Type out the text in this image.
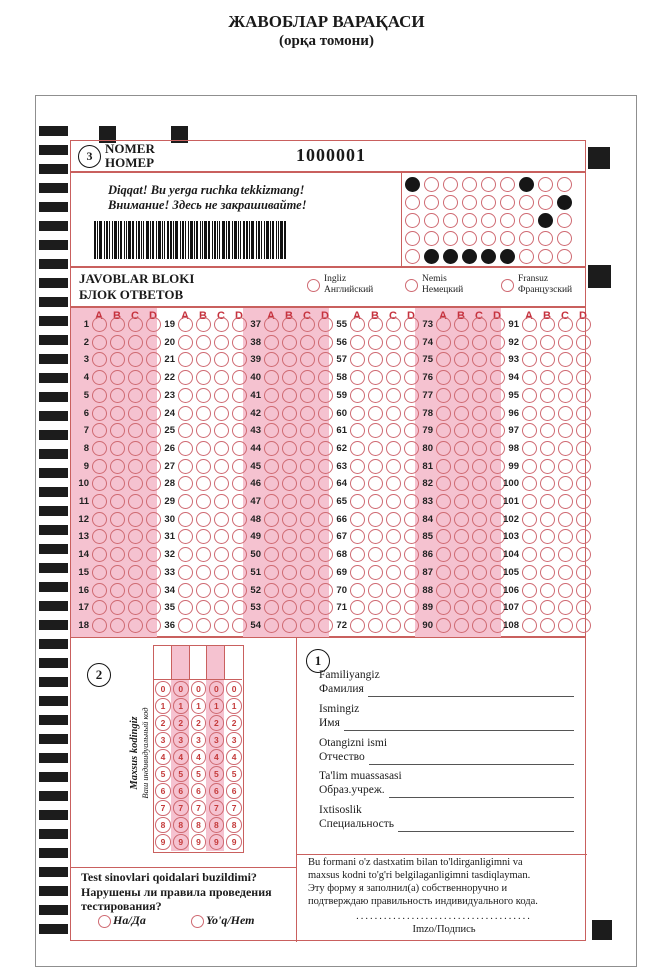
ЖАВОБЛАР ВАРАҚАСИ
(орқа томони)
3 NOMER
НОМЕР	1000001
Diqqat! Bu yerga ruchka tekkizmang!
Внимание! Здесь не закрашивайте!
JAVOBLAR BLOKI
БЛОК ОТВЕТОВ
Ingliz
Английский
Nemis
Немецкий
Fransuz
Французский
A B C D
1
2
3
4
5
6
7
8
9
10
11
12
13
14
15
16
17
18
A B C D
19
20
21
22
23
24
25
26
27
28
29
30
31
32
33
34
35
36
A B C D
37
38
39
40
41
42
43
44
45
46
47
48
49
50
51
52
53
54
A B C D
55
56
57
58
59
60
61
62
63
64
65
66
67
68
69
70
71
72
A B C D
73
74
75
76
77
78
79
80
81
82
83
84
85
86
87
88
89
90
A B C D
91
92
93
94
95
96
97
98
99
100
101
102
103
104
105
106
107
108
2
Ваш индивидуальный код
Maxsus kodingiz
0	0	0	0	0
1	1	1	1	1
2	2	2	2	2
3	3	3	3	3
4	4	4	4	4
5	5	5	5	5
6	6	6	6	6
7	7	7	7	7
8	8	8	8	8
9	9	9	9	9
1
Familiyangiz
Фамилия
Ismingiz
Имя
Otangizni ismi
Отчество
Ta'lim muassasasi
Образ.учреж.
Ixtisoslik
Специальность
Test sinovlari qoidalari buzildimi?
Нарушены ли правила проведения
тестирования?
Ha/Да	Yo'q/Нет
Bu formani o'z dastxatim bilan to'ldirganligimni va
maxsus kodni to'g'ri belgilaganligimni tasdiqlayman.
Эту форму я заполнил(а) собственноручно и
подтверждаю правильность индивидуального кода.
......................................
Imzo/Подпись
